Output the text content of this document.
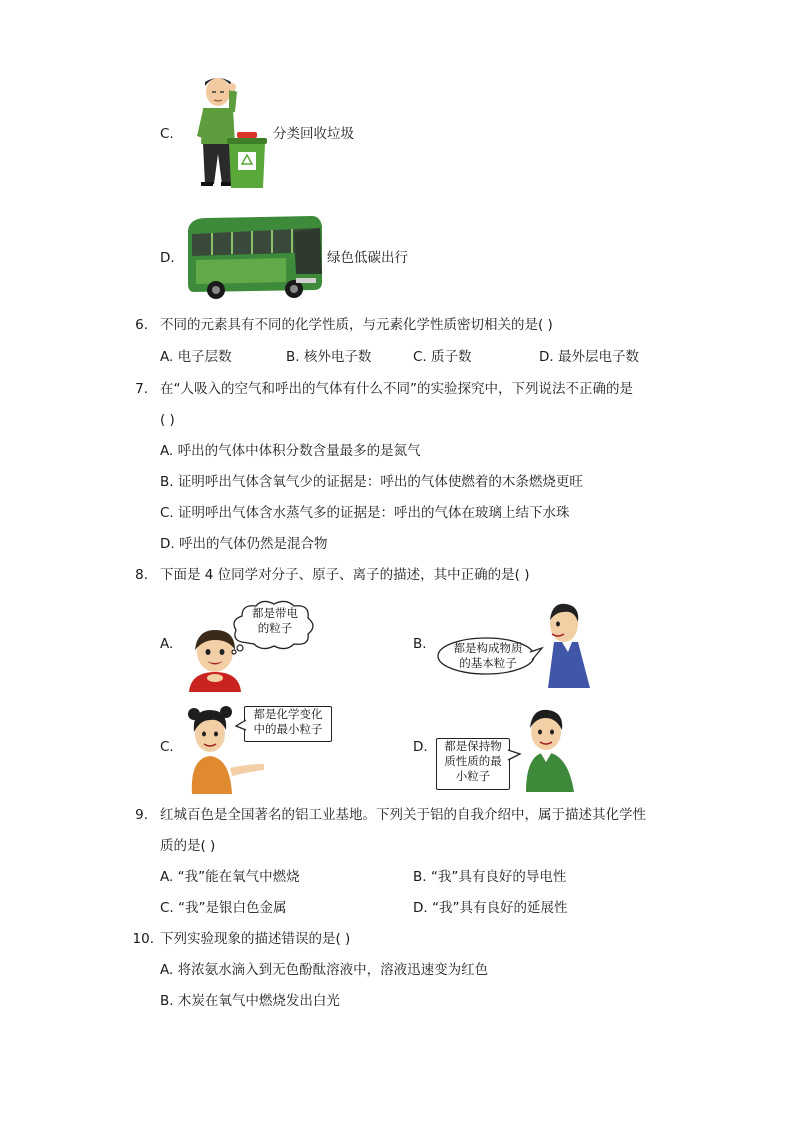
C.	分类回收垃圾
D.	绿色低碳出行
6. 不同的元素具有不同的化学性质，与元素化学性质密切相关的是( )
A. 电子层数	B. 核外电子数	C. 质子数	D. 最外层电子数
7. 在“人吸入的空气和呼出的气体有什么不同”的实验探究中，下列说法不正确的是
( )
A. 呼出的气体中体积分数含量最多的是氮气
B. 证明呼出气体含氧气少的证据是：呼出的气体使燃着的木条燃烧更旺
C. 证明呼出气体含水蒸气多的证据是：呼出的气体在玻璃上结下水珠
D. 呼出的气体仍然是混合物
8. 下面是 4 位同学对分子、原子、离子的描述，其中正确的是( )
A.
都是带电
的粒子
B.	都是构成物质
的基本粒子
C.
都是化学变化
中的最小粒子
D.	都是保持物
质性质的最
小粒子
9. 红城百色是全国著名的铝工业基地。下列关于铝的自我介绍中，属于描述其化学性
质的是( )
A. “我”能在氧气中燃烧	B. “我”具有良好的导电性
C. “我”是银白色金属	D. “我”具有良好的延展性
10. 下列实验现象的描述错误的是( )
A. 将浓氨水滴入到无色酚酞溶液中，溶液迅速变为红色
B. 木炭在氧气中燃烧发出白光
